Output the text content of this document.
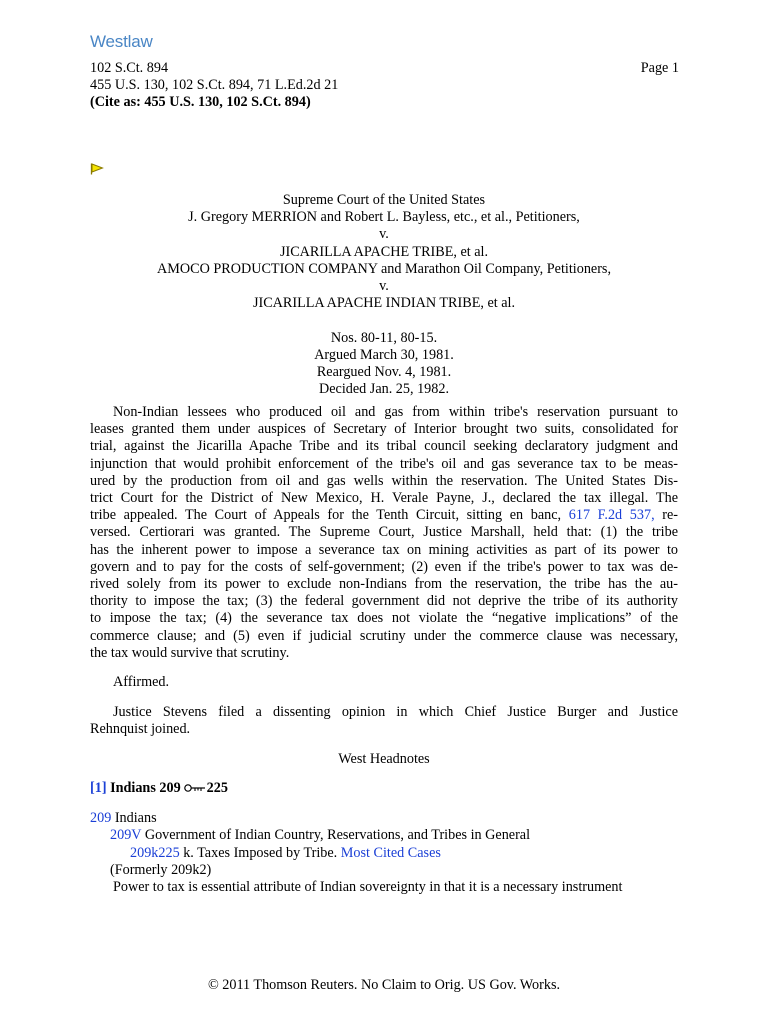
Westlaw
102 S.Ct. 894
455 U.S. 130, 102 S.Ct. 894, 71 L.Ed.2d 21
(Cite as: 455 U.S. 130, 102 S.Ct. 894)
Page 1
Supreme Court of the United States
J. Gregory MERRION and Robert L. Bayless, etc., et al., Petitioners,
v.
JICARILLA APACHE TRIBE, et al.
AMOCO PRODUCTION COMPANY and Marathon Oil Company, Petitioners,
v.
JICARILLA APACHE INDIAN TRIBE, et al.
Nos. 80-11, 80-15.
Argued March 30, 1981.
Reargued Nov. 4, 1981.
Decided Jan. 25, 1982.
Non-Indian lessees who produced oil and gas from within tribe's reservation pursuant to
leases granted them under auspices of Secretary of Interior brought two suits, consolidated for
trial, against the Jicarilla Apache Tribe and its tribal council seeking declaratory judgment and
injunction that would prohibit enforcement of the tribe's oil and gas severance tax to be meas-
ured by the production from oil and gas wells within the reservation. The United States Dis-
trict Court for the District of New Mexico, H. Verale Payne, J., declared the tax illegal. The
tribe appealed. The Court of Appeals for the Tenth Circuit, sitting en banc, 617 F.2d 537, re-
versed. Certiorari was granted. The Supreme Court, Justice Marshall, held that: (1) the tribe
has the inherent power to impose a severance tax on mining activities as part of its power to
govern and to pay for the costs of self-government; (2) even if the tribe's power to tax was de-
rived solely from its power to exclude non-Indians from the reservation, the tribe has the au-
thority to impose the tax; (3) the federal government did not deprive the tribe of its authority
to impose the tax; (4) the severance tax does not violate the “negative implications” of the
commerce clause; and (5) even if judicial scrutiny under the commerce clause was necessary,
the tax would survive that scrutiny.
Affirmed.
Justice Stevens filed a dissenting opinion in which Chief Justice Burger and Justice
Rehnquist joined.
West Headnotes
[1] Indians 209 225
209 Indians
209V Government of Indian Country, Reservations, and Tribes in General
209k225 k. Taxes Imposed by Tribe. Most Cited Cases
(Formerly 209k2)
Power to tax is essential attribute of Indian sovereignty in that it is a necessary instrument
© 2011 Thomson Reuters. No Claim to Orig. US Gov. Works.
